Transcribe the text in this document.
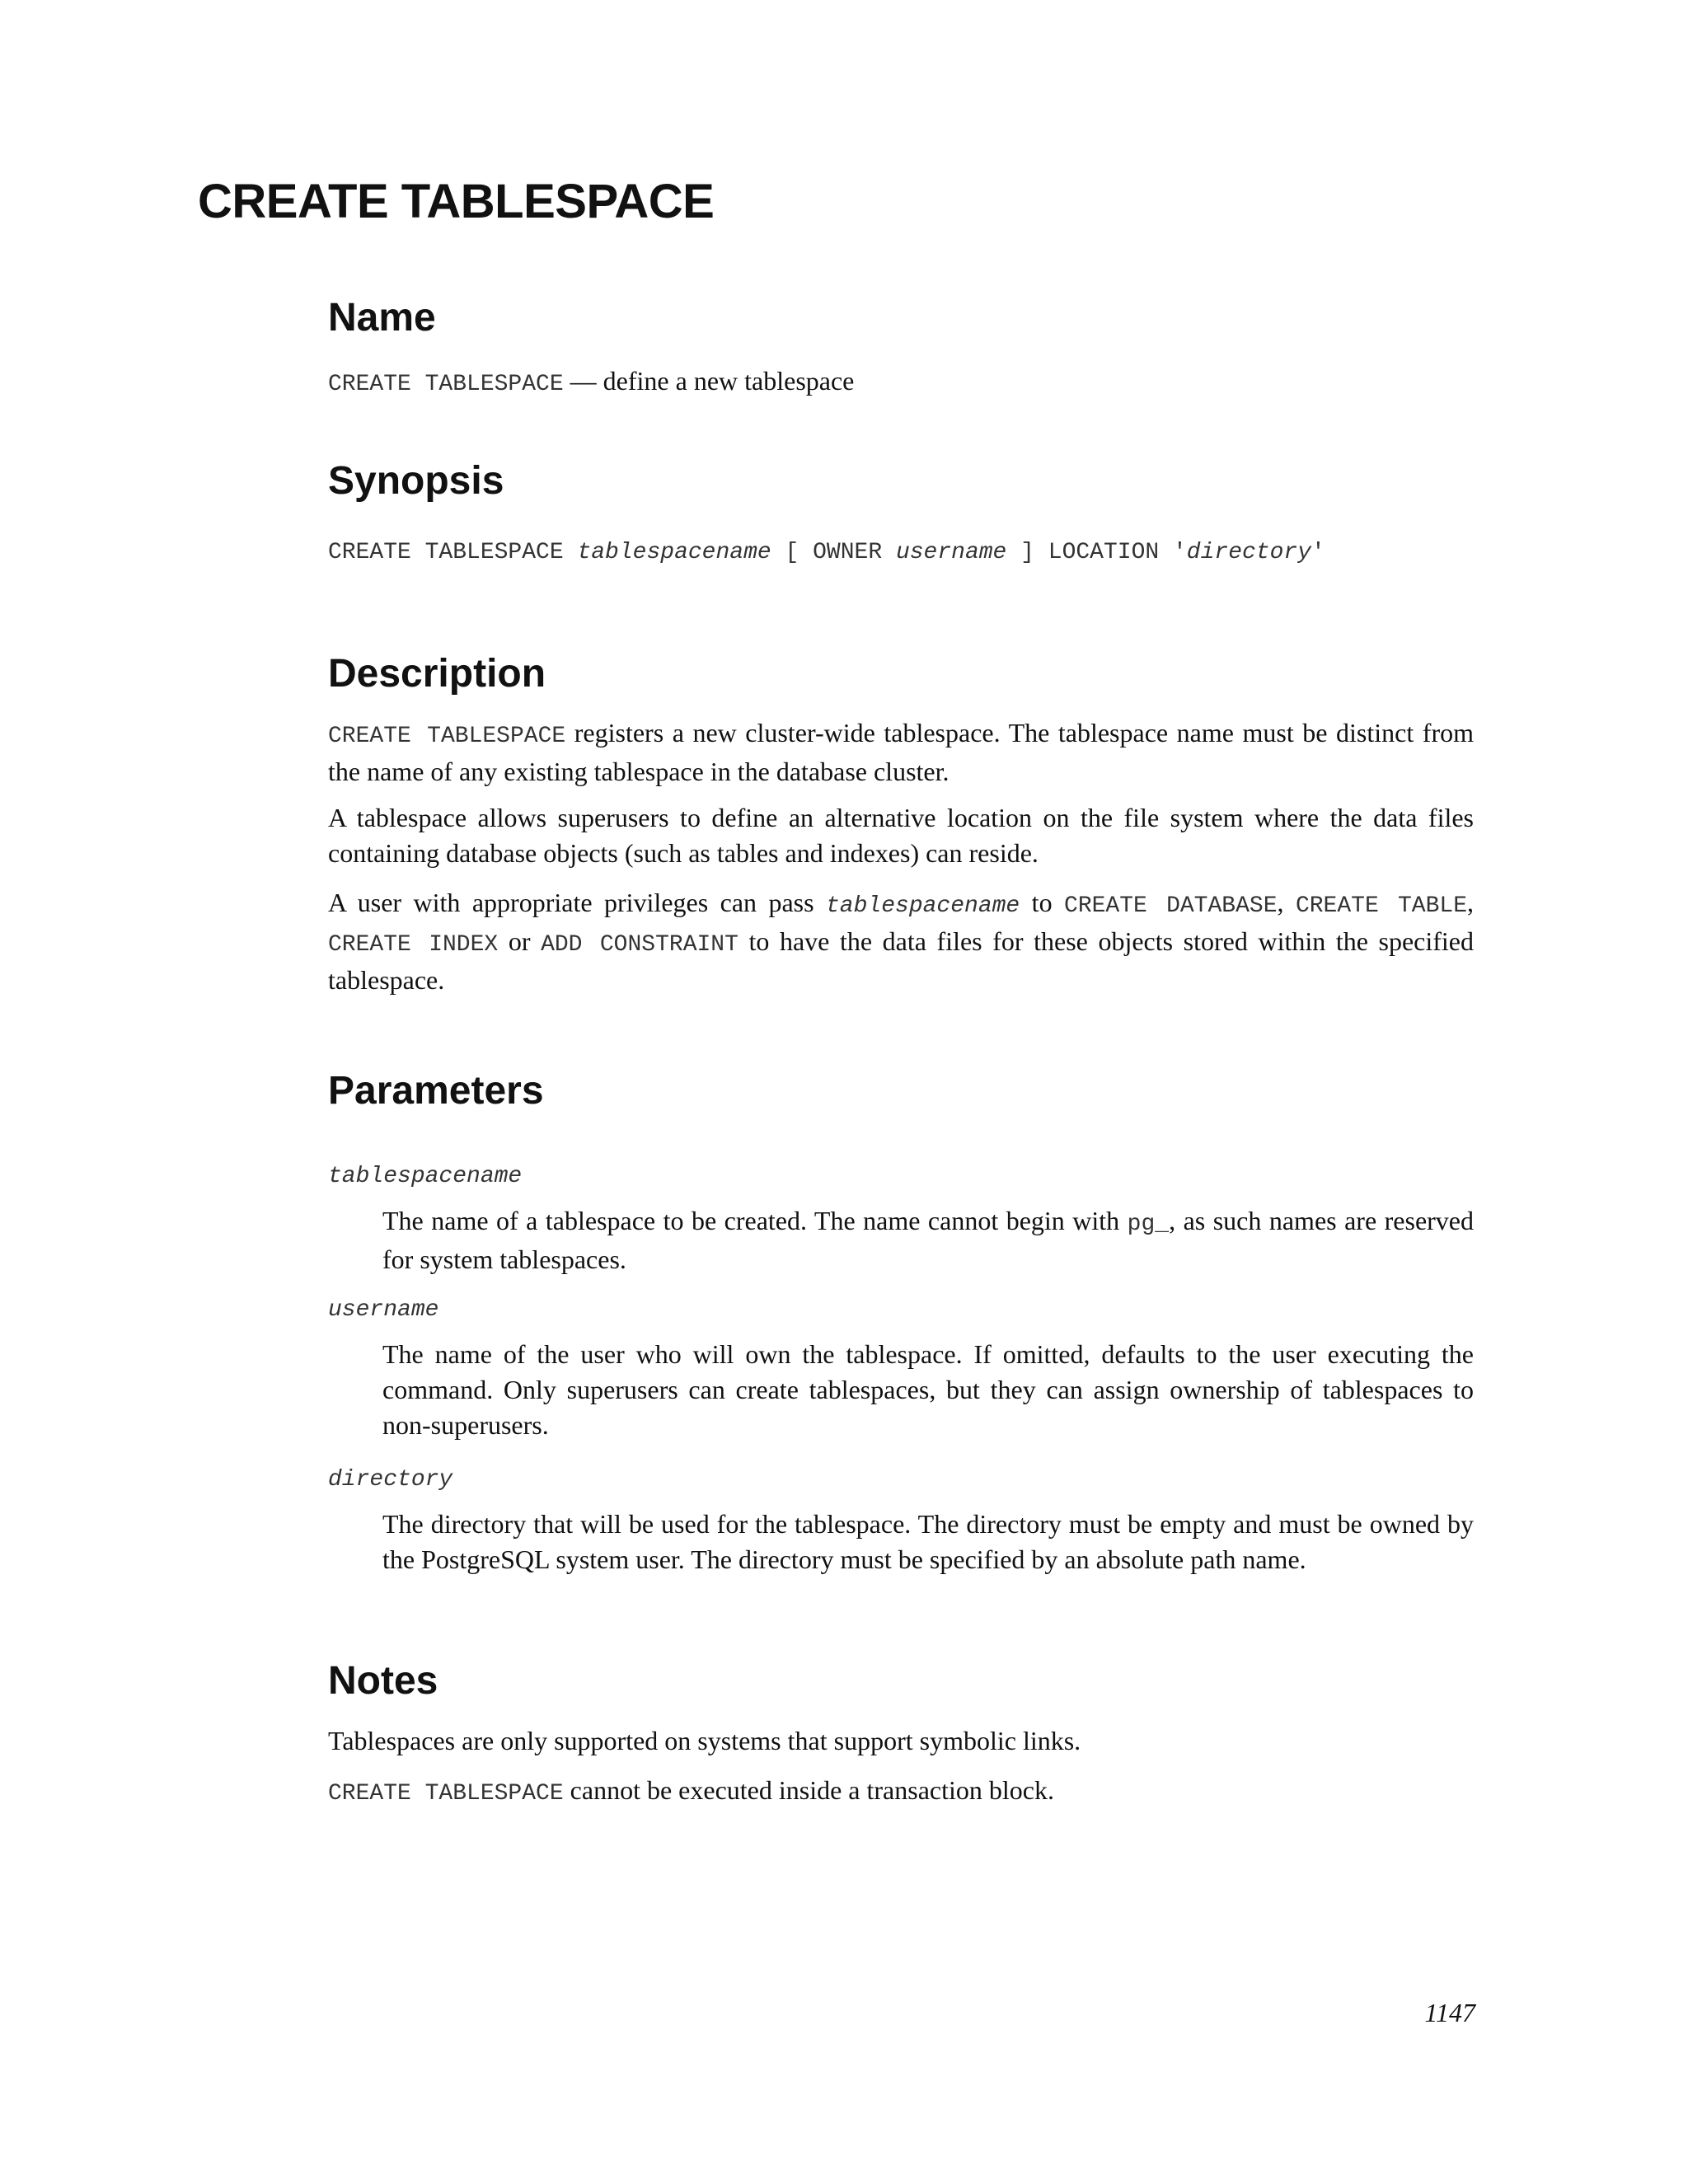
CREATE TABLESPACE
Name

CREATE TABLESPACE — define a new tablespace

Synopsis

CREATE TABLESPACE tablespacename [ OWNER username ] LOCATION 'directory'

Description

CREATE TABLESPACE registers a new cluster-wide tablespace. The tablespace name must be distinct from the name of any existing tablespace in the database cluster.

A tablespace allows superusers to define an alternative location on the file system where the data files containing database objects (such as tables and indexes) can reside.

A user with appropriate privileges can pass tablespacename to CREATE DATABASE, CREATE TABLE, CREATE INDEX or ADD CONSTRAINT to have the data files for these objects stored within the specified tablespace.

Parameters

tablespacename

The name of a tablespace to be created. The name cannot begin with pg_, as such names are reserved for system tablespaces.

username

The name of the user who will own the tablespace. If omitted, defaults to the user executing the command. Only superusers can create tablespaces, but they can assign ownership of tablespaces to non-superusers.

directory

The directory that will be used for the tablespace. The directory must be empty and must be owned by the PostgreSQL system user. The directory must be specified by an absolute path name.

Notes

Tablespaces are only supported on systems that support symbolic links.

CREATE TABLESPACE cannot be executed inside a transaction block.

1147
